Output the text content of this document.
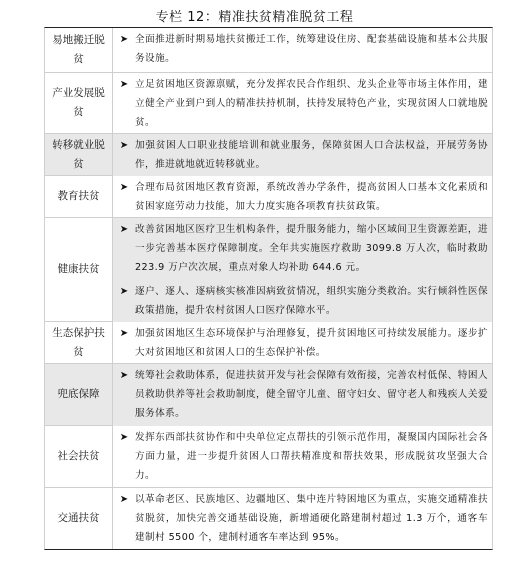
专栏 12：精准扶贫精准脱贫工程
易地搬迁脱贫
➤ 全面推进新时期易地扶贫搬迁工作，统筹建设住房、配套基础设施和基本公共服务设施。
产业发展脱贫
➤ 立足贫困地区资源禀赋，充分发挥农民合作组织、龙头企业等市场主体作用，建立健全产业到户到人的精准扶持机制，扶持发展特色产业，实现贫困人口就地脱贫。
转移就业脱贫
➤ 加强贫困人口职业技能培训和就业服务，保障贫困人口合法权益，开展劳务协作，推进就地就近转移就业。
教育扶贫
➤ 合理布局贫困地区教育资源，系统改善办学条件，提高贫困人口基本文化素质和贫困家庭劳动力技能，加大力度实施各项教育扶贫政策。
健康扶贫
➤ 改善贫困地区医疗卫生机构条件，提升服务能力，缩小区域间卫生资源差距，进一步完善基本医疗保障制度。全年共实施医疗救助 3099.8 万人次，临时救助 223.9 万户次次展，重点对象人均补助 644.6 元。
➤ 逐户、逐人、逐病核实核准因病致贫情况，组织实施分类救治。实行倾斜性医保政策措施，提升农村贫困人口医疗保障水平。
生态保护扶贫
➤ 加强贫困地区生态环境保护与治理修复，提升贫困地区可持续发展能力。逐步扩大对贫困地区和贫困人口的生态保护补偿。
兜底保障
➤ 统筹社会救助体系，促进扶贫开发与社会保障有效衔接，完善农村低保、特困人员救助供养等社会救助制度，健全留守儿童、留守妇女、留守老人和残疾人关爱服务体系。
社会扶贫
➤ 发挥东西部扶贫协作和中央单位定点帮扶的引领示范作用，凝聚国内国际社会各方面力量，进一步提升贫困人口帮扶精准度和帮扶效果，形成脱贫攻坚强大合力。
交通扶贫
➤ 以革命老区、民族地区、边疆地区、集中连片特困地区为重点，实施交通精准扶贫脱贫，加快完善交通基础设施，新增通硬化路建制村超过 1.3 万个，通客车建制村 5500 个，建制村通客车率达到 95%。
